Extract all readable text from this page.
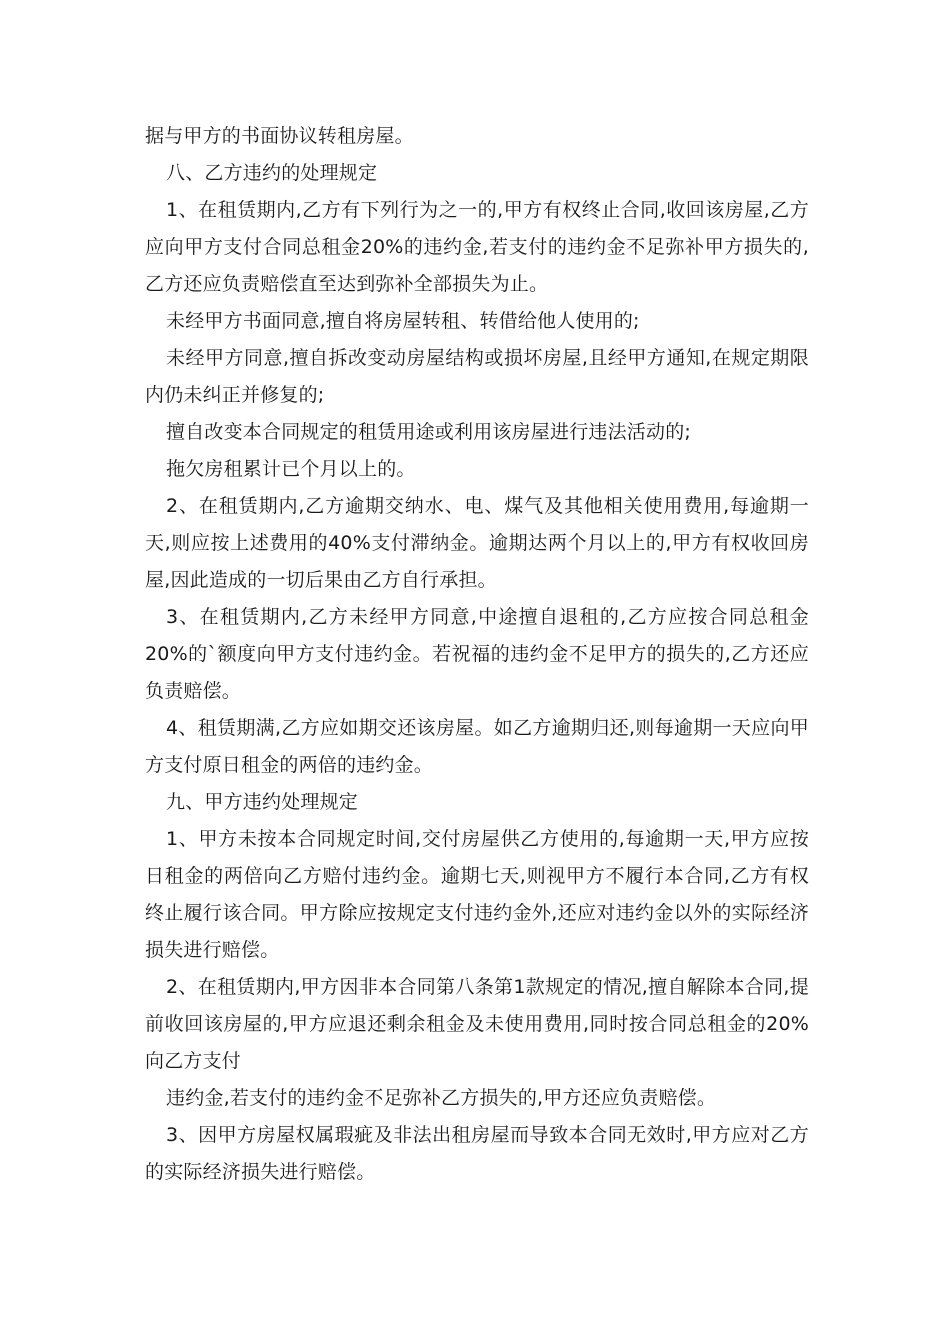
据与甲方的书面协议转租房屋。

八、乙方违约的处理规定

1、在租赁期内,乙方有下列行为之一的,甲方有权终止合同,收回该房屋,乙方应向甲方支付合同总租金20%的违约金,若支付的违约金不足弥补甲方损失的,乙方还应负责赔偿直至达到弥补全部损失为止。

未经甲方书面同意,擅自将房屋转租、转借给他人使用的;

未经甲方同意,擅自拆改变动房屋结构或损坏房屋,且经甲方通知,在规定期限内仍未纠正并修复的;

擅自改变本合同规定的租赁用途或利用该房屋进行违法活动的;

拖欠房租累计已个月以上的。

2、在租赁期内,乙方逾期交纳水、电、煤气及其他相关使用费用,每逾期一天,则应按上述费用的40%支付滞纳金。逾期达两个月以上的,甲方有权收回房屋,因此造成的一切后果由乙方自行承担。

3、在租赁期内,乙方未经甲方同意,中途擅自退租的,乙方应按合同总租金20%的`额度向甲方支付违约金。若祝福的违约金不足甲方的损失的,乙方还应负责赔偿。

4、租赁期满,乙方应如期交还该房屋。如乙方逾期归还,则每逾期一天应向甲方支付原日租金的两倍的违约金。

九、甲方违约处理规定

1、甲方未按本合同规定时间,交付房屋供乙方使用的,每逾期一天,甲方应按日租金的两倍向乙方赔付违约金。逾期七天,则视甲方不履行本合同,乙方有权终止履行该合同。甲方除应按规定支付违约金外,还应对违约金以外的实际经济损失进行赔偿。

2、在租赁期内,甲方因非本合同第八条第1款规定的情况,擅自解除本合同,提前收回该房屋的,甲方应退还剩余租金及未使用费用,同时按合同总租金的20%向乙方支付

违约金,若支付的违约金不足弥补乙方损失的,甲方还应负责赔偿。

3、因甲方房屋权属瑕疵及非法出租房屋而导致本合同无效时,甲方应对乙方的实际经济损失进行赔偿。
